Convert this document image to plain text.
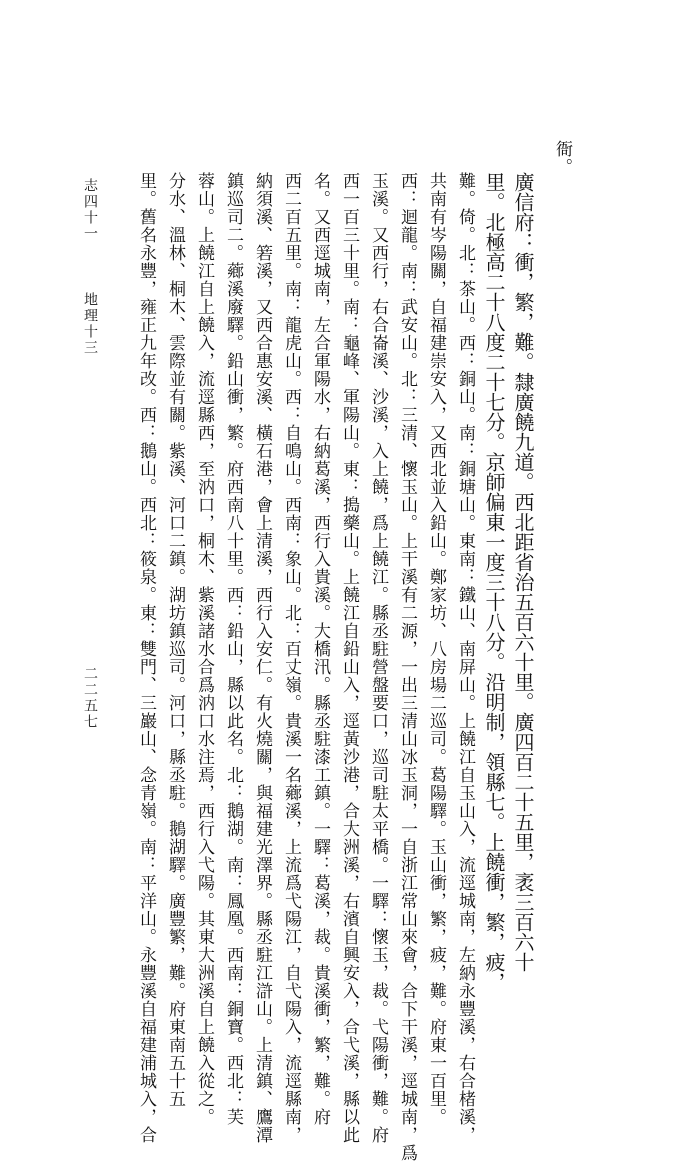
衙。
廣信府：衝，繁，難。隸廣饒九道。西北距省治五百六十里。廣四百二十五里，袤三百六十
里。北極高二十八度二十七分。京師偏東一度三十八分。沿明制，領縣七。上饒衝，繁，疲，
難。倚。北：茶山。西：銅山。南：銅塘山。東南：鐵山、南屏山。上饒江自玉山入，流逕城南，左納永豐溪，右合楮溪，
共南有岑陽關，自福建崇安入，又西北並入鉛山。鄭家坊、八房場二巡司。葛陽驛。玉山衝，繁，疲，難。府東一百里。
西：迴龍。南：武安山。北：三清、懷玉山。上干溪有二源，一出三清山冰玉洞，一自浙江常山來會，合下干溪，逕城南，爲
玉溪。又西行，右合崙溪、沙溪，入上饒，爲上饒江。縣丞駐營盤要口，巡司駐太平橋。一驛：懷玉，裁。弋陽衝，難。府
西一百三十里。南：龜峰、軍陽山。東：搗藥山。上饒江自鉛山入，逕黃沙港，合大洲溪，右濱自興安入，合弋溪，縣以此
名。又西逕城南，左合軍陽水，右納葛溪，西行入貴溪。大橋汛。縣丞駐漆工鎮。一驛：葛溪，裁。貴溪衝，繁，難。府
西二百五里。南：龍虎山。西：自鳴山。西南：象山。北：百丈嶺。貴溪一名薌溪，上流爲弋陽江，自弋陽入，流逕縣南，
納須溪、箬溪，又西合惠安溪、橫石港，會上清溪，西行入安仁。有火燒關，與福建光澤界。縣丞駐江滸山。上清鎮、鷹潭
鎮巡司二。薌溪廢驛。鉛山衝，繁。府西南八十里。西：鉛山，縣以此名。北：鵝湖。南：鳳凰。西南：銅寶。西北：芙
蓉山。上饒江自上饒入，流逕縣西，至汭口，桐木、紫溪諸水合爲汭口水注焉，西行入弋陽。其東大洲溪自上饒入從之。
分水、溫林、桐木、雲際並有關。紫溪、河口二鎮。湖坊鎮巡司。河口，縣丞駐。鵝湖驛。廣豐繁，難。府東南五十五
里。舊名永豐，雍正九年改。西：鵝山。西北：筱泉。東：雙門、三巖山、念青嶺。南：平洋山。永豐溪自福建浦城入，合
志四十一
地理十三
二二五七
